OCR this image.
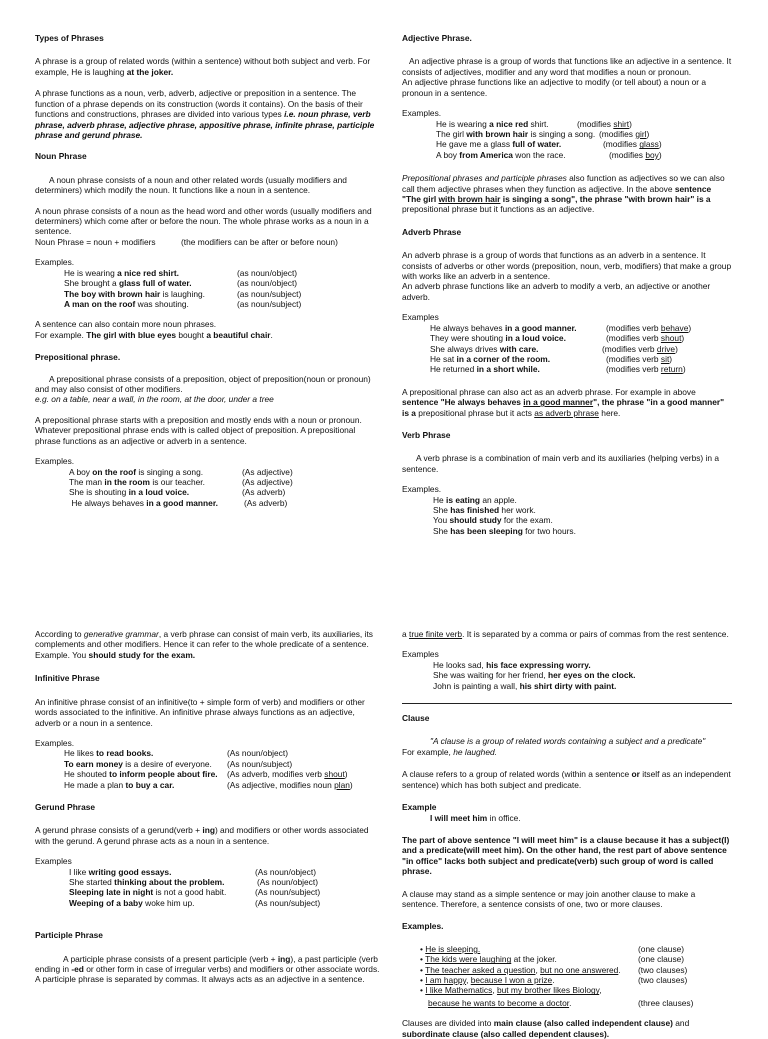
Types of Phrases

A phrase is a group of related words (within a sentence) without both subject and verb. For example, He is laughing at the joker.

A phrase functions as a noun, verb, adverb, adjective or preposition in a sentence. The function of a phrase depends on its construction (words it contains). On the basis of their functions and constructions, phrases are divided into various types i.e. noun phrase, verb phrase, adverb phrase, adjective phrase, appositive phrase, infinite phrase, participle phrase and gerund phrase.

Noun Phrase

A noun phrase consists of a noun and other related words (usually modifiers and determiners) which modify the noun. It functions like a noun in a sentence.

A noun phrase consists of a noun as the head word and other words (usually modifiers and determiners) which come after or before the noun. The whole phrase works as a noun in a sentence.

Noun Phrase = noun + modifiers	(the modifiers can be after or before noun)

Examples.

He is wearing a nice red shirt.	(as noun/object)
She brought a glass full of water.	(as noun/object)
The boy with brown hair is laughing.	(as noun/subject)
A man on the roof was shouting.	(as noun/subject)

A sentence can also contain more noun phrases.

For example. The girl with blue eyes bought a beautiful chair.

Prepositional phrase.

A prepositional phrase consists of a preposition, object of preposition(noun or pronoun) and may also consist of other modifiers.

e.g. on a table, near a wall, in the room, at the door, under a tree

A prepositional phrase starts with a preposition and mostly ends with a noun or pronoun. Whatever prepositional phrase ends with is called object of preposition. A prepositional phrase functions as an adjective or adverb in a sentence.

Examples.

A boy on the roof is singing a song.	(As adjective)
The man in the room is our teacher.	(As adjective)
She is shouting in a loud voice.	(As adverb)
He always behaves in a good manner.	(As adverb)

Adjective Phrase.

An adjective phrase is a group of words that functions like an adjective in a sentence. It consists of adjectives, modifier and any word that modifies a noun or pronoun.

An adjective phrase functions like an adjective to modify (or tell about) a noun or a pronoun in a sentence.

Examples.

He is wearing a nice red shirt.	(modifies shirt)
The girl with brown hair is singing a song. (modifies girl)
He gave me a glass full of water.	(modifies glass)
A boy from America won the race.	(modifies boy)

Prepositional phrases and participle phrases also function as adjectives so we can also call them adjective phrases when they function as adjective. In the above sentence "The girl with brown hair is singing a song", the phrase "with brown hair" is a prepositional phrase but it functions as an adjective.

Adverb Phrase

An adverb phrase is a group of words that functions as an adverb in a sentence. It consists of adverbs or other words (preposition, noun, verb, modifiers) that make a group with works like an adverb in a sentence.

An adverb phrase functions like an adverb to modify a verb, an adjective or another adverb.

Examples

He always behaves in a good manner.	(modifies verb behave)
They were shouting in a loud voice.	(modifies verb shout)
She always drives with care.	(modifies verb drive)
He sat in a corner of the room.	(modifies verb sit)
He returned in a short while.	(modifies verb return)

A prepositional phrase can also act as an adverb phrase. For example in above sentence "He always behaves in a good manner", the phrase "in a good manner" is a prepositional phrase but it acts as adverb phrase here.

Verb Phrase

A verb phrase is a combination of main verb and its auxiliaries (helping verbs) in a sentence.

Examples.

He is eating an apple.
She has finished her work.
You should study for the exam.
She has been sleeping for two hours.

According to generative grammar, a verb phrase can consist of main verb, its auxiliaries, its complements and other modifiers. Hence it can refer to the whole predicate of a sentence.

Example. You should study for the exam.

Infinitive Phrase

An infinitive phrase consist of an infinitive(to + simple form of verb) and modifiers or other words associated to the infinitive. An infinitive phrase always functions as an adjective, adverb or a noun in a sentence.

Examples.

He likes to read books.	(As noun/object)
To earn money is a desire of everyone. (As noun/subject)
He shouted to inform people about fire. (As adverb, modifies verb shout)
He made a plan to buy a car.	(As adjective, modifies noun plan)

Gerund Phrase

A gerund phrase consists of a gerund(verb + ing) and modifiers or other words associated with the gerund. A gerund phrase acts as a noun in a sentence.

Examples

I like writing good essays.	(As noun/object)
She started thinking about the problem.	(As noun/object)
Sleeping late in night is not a good habit.	(As noun/subject)
Weeping of a baby woke him up.	(As noun/subject)

Participle Phrase

A participle phrase consists of a present participle (verb + ing), a past participle (verb ending in -ed or other form in case of irregular verbs) and modifiers or other associate words. A participle phrase is separated by commas. It always acts as an adjective in a sentence.

a true finite verb. It is separated by a comma or pairs of commas from the rest sentence.

Examples

He looks sad, his face expressing worry.
She was waiting for her friend, her eyes on the clock.
John is painting a wall, his shirt dirty with paint.

Clause

"A clause is a group of related words containing a subject and a predicate"

For example, he laughed.

A clause refers to a group of related words (within a sentence or itself as an independent sentence) which has both subject and predicate.

Example

I will meet him in office.

The part of above sentence "I will meet him" is a clause because it has a subject(I) and a predicate(will meet him). On the other hand, the rest part of above sentence "in office" lacks both subject and predicate(verb) such group of word is called phrase.

A clause may stand as a simple sentence or may join another clause to make a sentence. Therefore, a sentence consists of one, two or more clauses.

Examples.

• He is sleeping.	(one clause)
• The kids were laughing at the joker.	(one clause)
• The teacher asked a question, but no one answered. (two clauses)
• I am happy, because I won a prize.	(two clauses)
• I like Mathematics, but my brother likes Biology,
because he wants to become a doctor.	(three clauses)

Clauses are divided into main clause (also called independent clause) and subordinate clause (also called dependent clauses).
